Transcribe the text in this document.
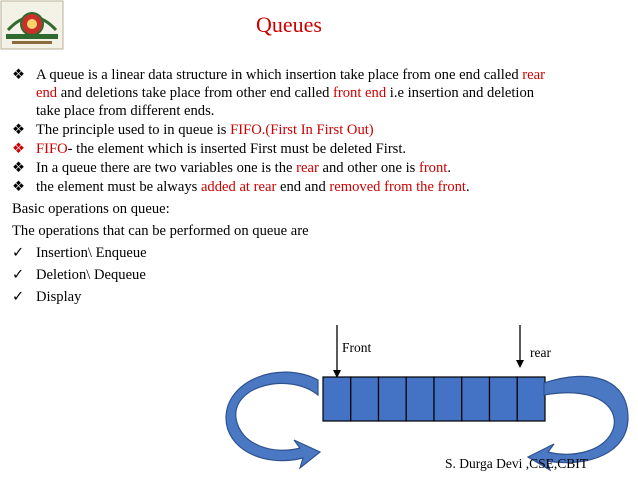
Queues
❖ A queue is a linear data structure in which insertion take place from one end called rear
end and deletions take place from other end called front end i.e insertion and deletion
take place from different ends.
❖ The principle used to in queue is FIFO.(First In First Out)
❖ FIFO- the element which is inserted First must be deleted First.
❖ In a queue there are two variables one is the rear and other one is front.
❖ the element must be always added at rear end and removed from the front.
Basic operations on queue:
The operations that can be performed on queue are
✓ Insertion\ Enqueue
✓ Deletion\ Dequeue
✓ Display
Front	rear
S. Durga Devi ,CSE,CBIT
